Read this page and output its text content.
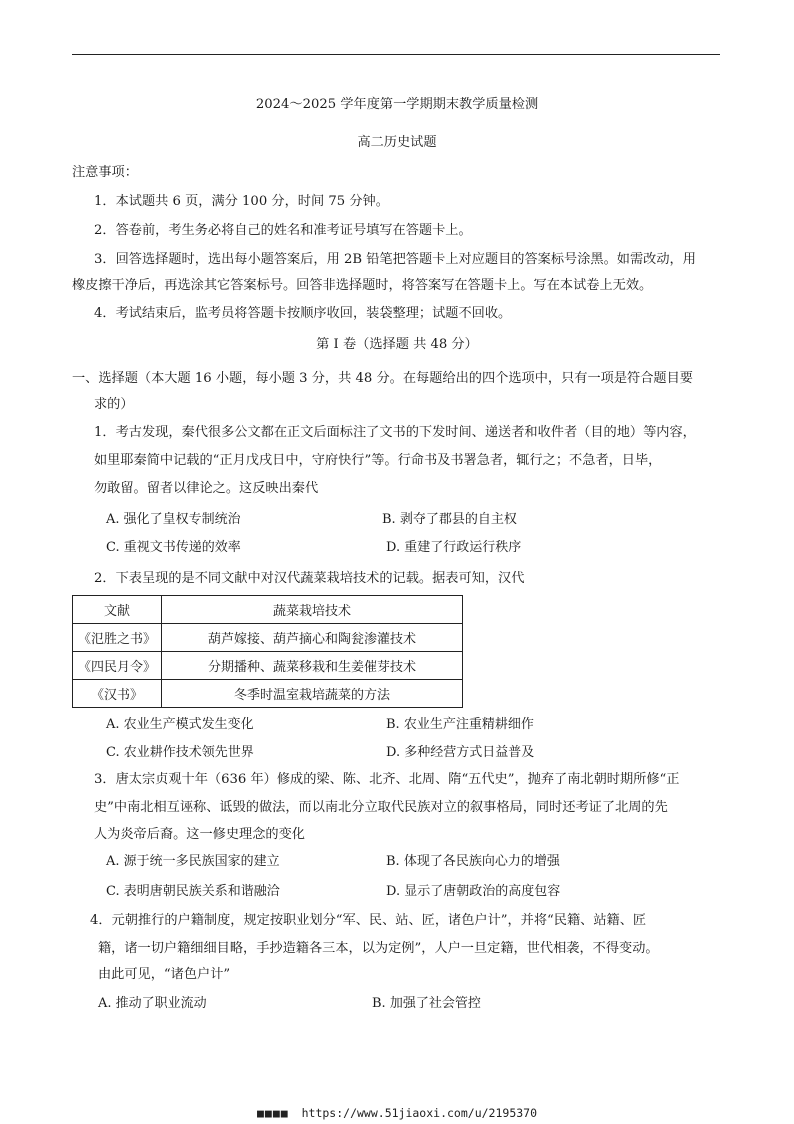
2024～2025 学年度第一学期期末教学质量检测
高二历史试题
注意事项：
1．本试题共 6 页，满分 100 分，时间 75 分钟。
2．答卷前，考生务必将自己的姓名和准考证号填写在答题卡上。
3．回答选择题时，选出每小题答案后，用 2B 铅笔把答题卡上对应题目的答案标号涂黑。如需改动，用
橡皮擦干净后，再选涂其它答案标号。回答非选择题时，将答案写在答题卡上。写在本试卷上无效。
4．考试结束后，监考员将答题卡按顺序收回，装袋整理；试题不回收。
第 I 卷（选择题 共 48 分）
一、选择题（本大题 16 小题，每小题 3 分，共 48 分。在每题给出的四个选项中，只有一项是符合题目要
求的）
1．考古发现，秦代很多公文都在正文后面标注了文书的下发时间、递送者和收件者（目的地）等内容，
如里耶秦简中记载的“正月戊戌日中，守府快行”等。行命书及书署急者，辄行之；不急者，日毕，
勿敢留。留者以律论之。这反映出秦代
A. 强化了皇权专制统治	B. 剥夺了郡县的自主权
C. 重视文书传递的效率	D. 重建了行政运行秩序
2．下表呈现的是不同文献中对汉代蔬菜栽培技术的记载。据表可知，汉代
文献	蔬菜栽培技术
《氾胜之书》	葫芦嫁接、葫芦摘心和陶瓮渗灌技术
《四民月令》	分期播种、蔬菜移栽和生姜催芽技术
《汉书》	冬季时温室栽培蔬菜的方法
A. 农业生产模式发生变化	B. 农业生产注重精耕细作
C. 农业耕作技术领先世界	D. 多种经营方式日益普及
3．唐太宗贞观十年（636 年）修成的梁、陈、北齐、北周、隋“五代史”，抛弃了南北朝时期所修“正
史”中南北相互诬称、诋毁的做法，而以南北分立取代民族对立的叙事格局，同时还考证了北周的先
人为炎帝后裔。这一修史理念的变化
A. 源于统一多民族国家的建立	B. 体现了各民族向心力的增强
C. 表明唐朝民族关系和谐融洽	D. 显示了唐朝政治的高度包容
4．元朝推行的户籍制度，规定按职业划分“军、民、站、匠，诸色户计”，并将“民籍、站籍、匠
籍，诸一切户籍细细目略，手抄造籍各三本，以为定例”，人户一旦定籍，世代相袭，不得变动。
由此可见，“诸色户计”
A. 推动了职业流动	B. 加强了社会管控
■■■■ https://www.51jiaoxi.com/u/2195370
